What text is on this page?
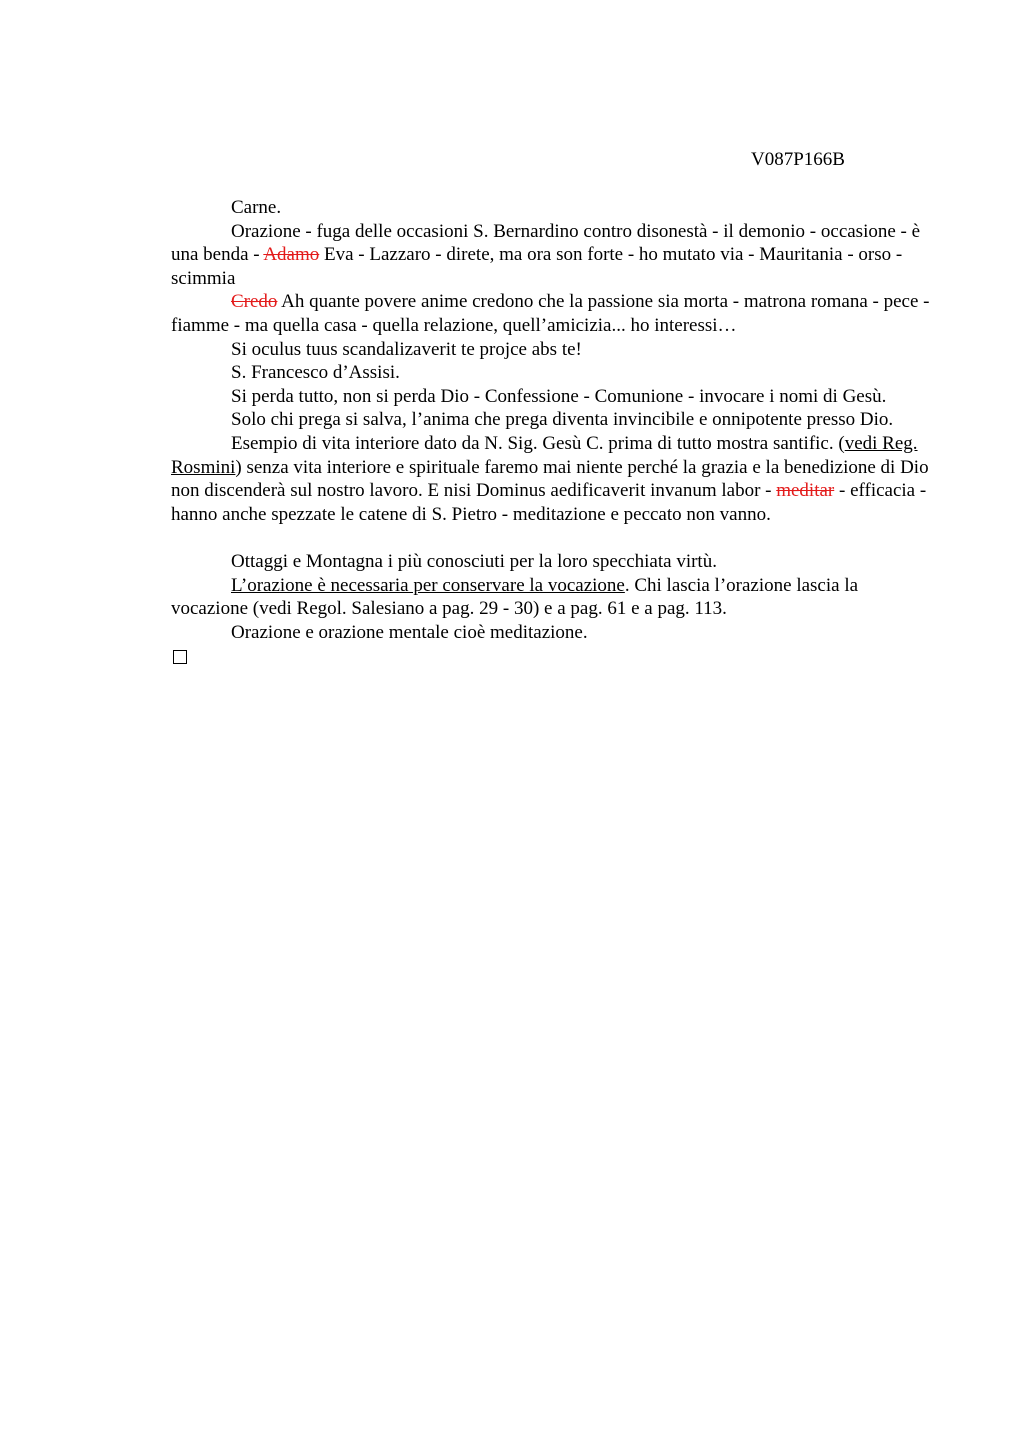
V087P166B

Carne.

Orazione - fuga delle occasioni S. Bernardino contro disonestà - il demonio - occasione - è una benda - Adamo Eva - Lazzaro - direte, ma ora son forte - ho mutato via - Mauritania - orso - scimmia

Credo Ah quante povere anime credono che la passione sia morta - matrona romana - pece - fiamme - ma quella casa - quella relazione, quell’amicizia... ho interessi…

Si oculus tuus scandalizaverit te projce abs te!

S. Francesco d’Assisi.

Si perda tutto, non si perda Dio - Confessione - Comunione - invocare i nomi di Gesù.

Solo chi prega si salva, l’anima che prega diventa invincibile e onnipotente presso Dio.

Esempio di vita interiore dato da N. Sig. Gesù C. prima di tutto mostra santific. (vedi Reg. Rosmini) senza vita interiore e spirituale faremo mai niente perché la grazia e la benedizione di Dio non discenderà sul nostro lavoro. E nisi Dominus aedificaverit invanum labor - meditar - efficacia - hanno anche spezzate le catene di S. Pietro - meditazione e peccato non vanno.

Ottaggi e Montagna i più conosciuti per la loro specchiata virtù.

L’orazione è necessaria per conservare la vocazione. Chi lascia l’orazione lascia la vocazione (vedi Regol. Salesiano a pag. 29 - 30) e a pag. 61 e a pag. 113.

Orazione e orazione mentale cioè meditazione.
